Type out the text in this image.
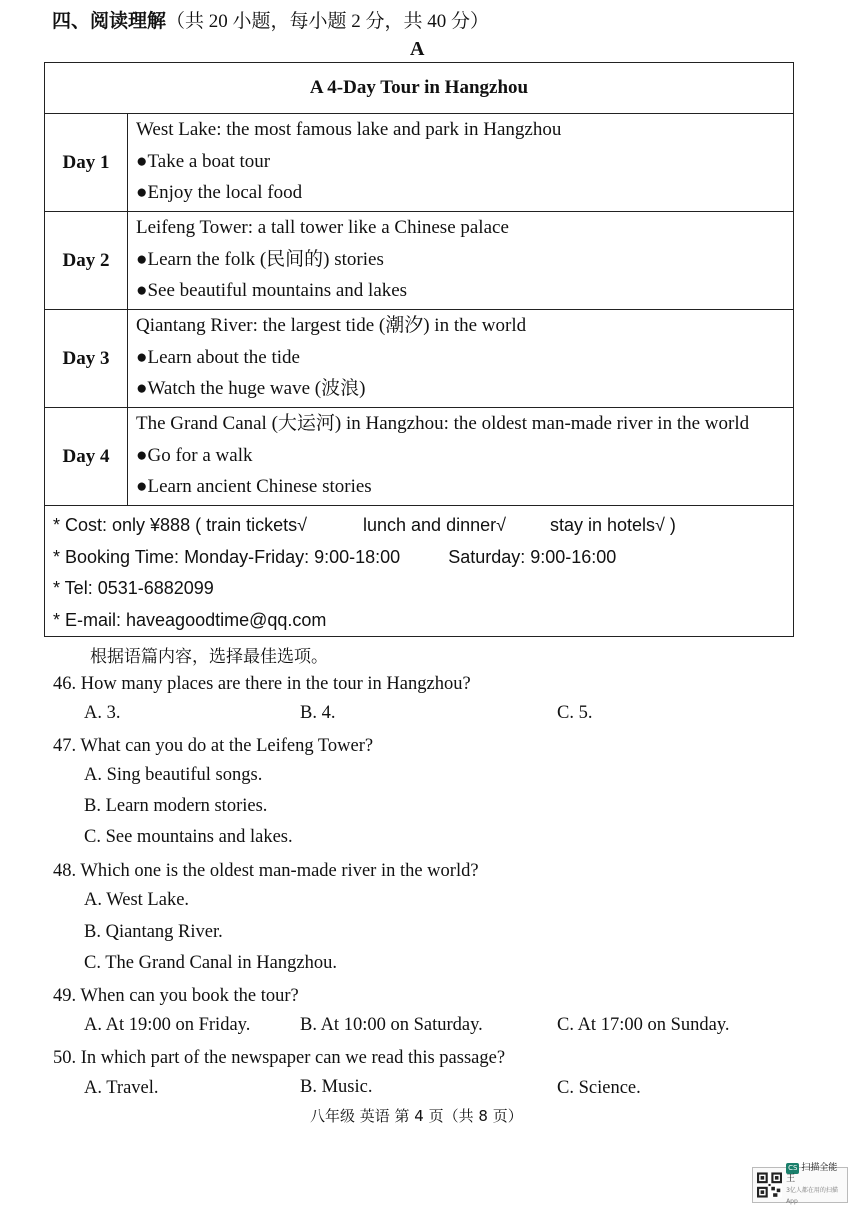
四、阅读理解（共 20 小题，每小题 2 分，共 40 分）
A
A 4-Day Tour in Hangzhou	
Day 1	West Lake: the most famous lake and park in Hangzhou
●Take a boat tour
●Enjoy the local food

Day 2	Leifeng Tower: a tall tower like a Chinese palace
●Learn the folk (民间的) stories
●See beautiful mountains and lakes

Day 3	Qiantang River: the largest tide (潮汐) in the world
●Learn about the tide
●Watch the huge wave (波浪)

Day 4	The Grand Canal (大运河) in Hangzhou: the oldest man-made river in the world
●Go for a walk
●Learn ancient Chinese stories

* Cost: only ¥888 ( train tickets√ lunch and dinner√ stay in hotels√ )
* Booking Time: Monday-Friday: 9:00-18:00 Saturday: 9:00-16:00
* Tel: 0531-6882099
* E-mail: haveagoodtime@qq.com	
根据语篇内容，选择最佳选项。
46. How many places are there in the tour in Hangzhou?
A. 3.	B. 4.	C. 5.
47. What can you do at the Leifeng Tower?
A. Sing beautiful songs.
B. Learn modern stories.
C. See mountains and lakes.
48. Which one is the oldest man-made river in the world?
A. West Lake.
B. Qiantang River.
C. The Grand Canal in Hangzhou.
49. When can you book the tour?
A. At 19:00 on Friday.	B. At 10:00 on Saturday.	C. At 17:00 on Sunday.
50. In which part of the newspaper can we read this passage?
A. Travel.	B. Music.	C. Science.
八年级 英语 第 4 页（共 8 页）
CS 扫描全能王
3亿人都在用的扫描App
